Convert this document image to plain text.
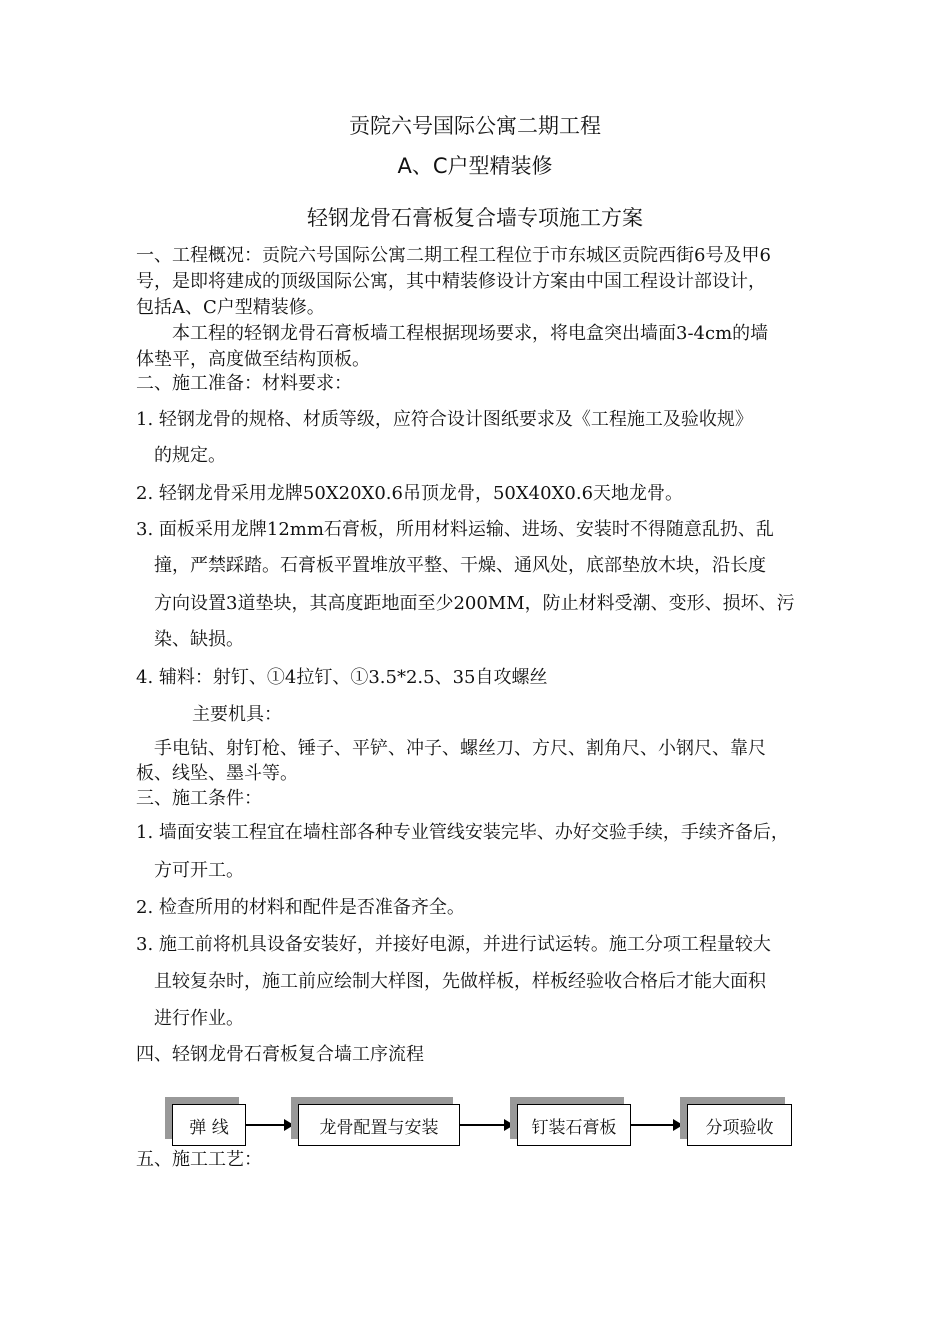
贡院六号国际公寓二期工程
A、C户型精装修
轻钢龙骨石膏板复合墙专项施工方案
一、工程概况：贡院六号国际公寓二期工程工程位于市东城区贡院西街6号及甲6
号，是即将建成的顶级国际公寓，其中精装修设计方案由中国工程设计部设计，
包括A、C户型精装修。
本工程的轻钢龙骨石膏板墙工程根据现场要求，将电盒突出墙面3-4cm的墙
体垫平，高度做至结构顶板。
二、施工准备：材料要求：
1. 轻钢龙骨的规格、材质等级，应符合设计图纸要求及《工程施工及验收规》
的规定。
2. 轻钢龙骨采用龙牌50X20X0.6吊顶龙骨，50X40X0.6天地龙骨。
3. 面板采用龙牌12mm石膏板，所用材料运输、进场、安装时不得随意乱扔、乱
撞，严禁踩踏。石膏板平置堆放平整、干燥、通风处，底部垫放木块，沿长度
方向设置3道垫块，其高度距地面至少200MM，防止材料受潮、变形、损坏、污
染、缺损。
4. 辅料：射钉、①4拉钉、①3.5*2.5、35自攻螺丝
主要机具：
手电钻、射钉枪、锤子、平铲、冲子、螺丝刀、方尺、割角尺、小钢尺、靠尺
板、线坠、墨斗等。
三、施工条件：
1. 墙面安装工程宜在墙柱部各种专业管线安装完毕、办好交验手续，手续齐备后，
方可开工。
2. 检查所用的材料和配件是否准备齐全。
3. 施工前将机具设备安装好，并接好电源，并进行试运转。施工分项工程量较大
且较复杂时，施工前应绘制大样图，先做样板，样板经验收合格后才能大面积
进行作业。
四、轻钢龙骨石膏板复合墙工序流程
弹 线	龙骨配置与安装	钉装石膏板	分项验收
五、施工工艺：
